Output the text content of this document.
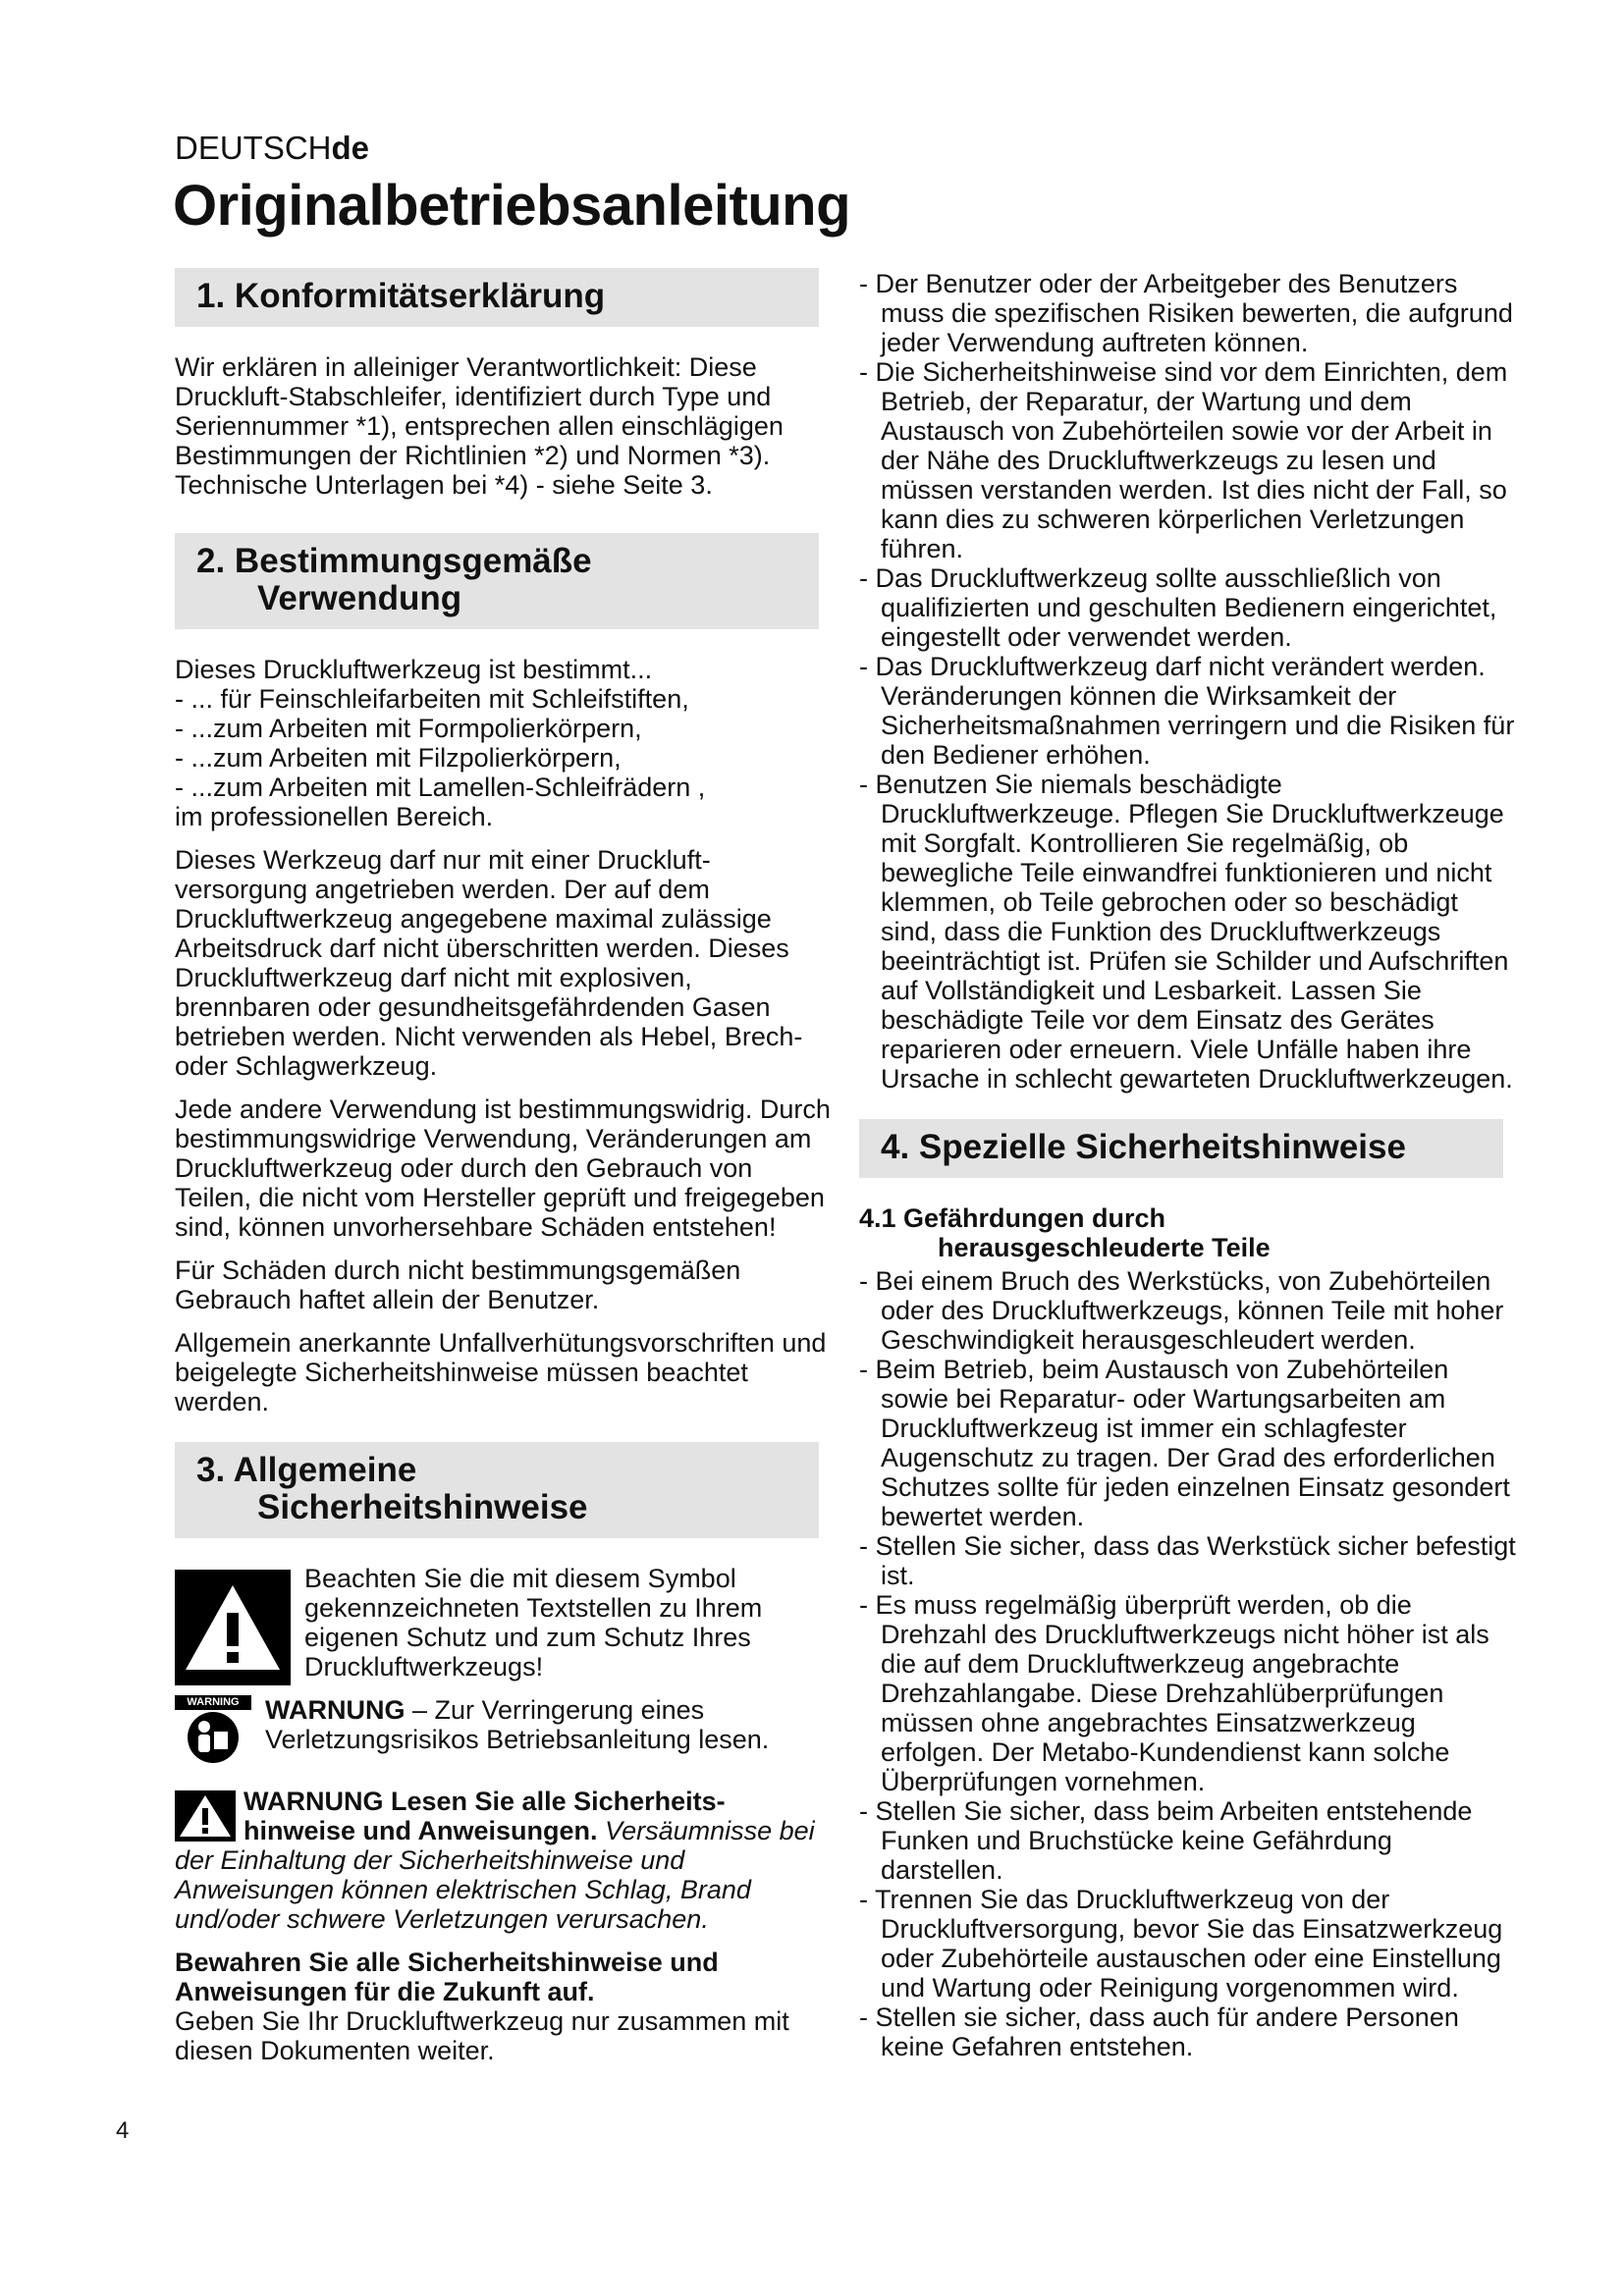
DEUTSCHde
Originalbetriebsanleitung
1. Konformitätserklärung

Wir erklären in alleiniger Verantwortlichkeit: Diese Druckluft-Stabschleifer, identifiziert durch Type und Seriennummer *1), entsprechen allen einschlägigen Bestimmungen der Richtlinien *2) und Normen *3). Technische Unterlagen bei *4) - siehe Seite 3.

2. Bestimmungsgemäße
Verwendung
Dieses Druckluftwerkzeug ist bestimmt...
- ... für Feinschleifarbeiten mit Schleifstiften,
- ...zum Arbeiten mit Formpolierkörpern,
- ...zum Arbeiten mit Filzpolierkörpern,
- ...zum Arbeiten mit Lamellen-Schleifrädern ,

im professionellen Bereich.

Dieses Werkzeug darf nur mit einer Druckluft-versorgung angetrieben werden. Der auf dem Druckluftwerkzeug angegebene maximal zulässige Arbeitsdruck darf nicht überschritten werden. Dieses Druckluftwerkzeug darf nicht mit explosiven, brennbaren oder gesundheitsgefährdenden Gasen betrieben werden. Nicht verwenden als Hebel, Brech- oder Schlagwerkzeug.

Jede andere Verwendung ist bestimmungswidrig. Durch bestimmungswidrige Verwendung, Veränderungen am Druckluftwerkzeug oder durch den Gebrauch von Teilen, die nicht vom Hersteller geprüft und freigegeben sind, können unvorhersehbare Schäden entstehen!

Für Schäden durch nicht bestimmungsgemäßen Gebrauch haftet allein der Benutzer.

Allgemein anerkannte Unfallverhütungsvorschriften und beigelegte Sicherheitshinweise müssen beachtet werden.

3. Allgemeine
Sicherheitshinweise
Beachten Sie die mit diesem Symbol gekennzeichneten Textstellen zu Ihrem eigenen Schutz und zum Schutz Ihres Druckluftwerkzeugs!
WARNING WARNUNG – Zur Verringerung eines Verletzungsrisikos Betriebsanleitung lesen.

WARNUNG Lesen Sie alle Sicherheits-hinweise und Anweisungen. Versäumnisse bei der Einhaltung der Sicherheitshinweise und Anweisungen können elektrischen Schlag, Brand und/oder schwere Verletzungen verursachen.

Bewahren Sie alle Sicherheitshinweise und Anweisungen für die Zukunft auf.
Geben Sie Ihr Druckluftwerkzeug nur zusammen mit diesen Dokumenten weiter.

- Der Benutzer oder der Arbeitgeber des Benutzers muss die spezifischen Risiken bewerten, die aufgrund jeder Verwendung auftreten können.
- Die Sicherheitshinweise sind vor dem Einrichten, dem Betrieb, der Reparatur, der Wartung und dem Austausch von Zubehörteilen sowie vor der Arbeit in der Nähe des Druckluftwerkzeugs zu lesen und müssen verstanden werden. Ist dies nicht der Fall, so kann dies zu schweren körperlichen Verletzungen führen.
- Das Druckluftwerkzeug sollte ausschließlich von qualifizierten und geschulten Bedienern eingerichtet, eingestellt oder verwendet werden.
- Das Druckluftwerkzeug darf nicht verändert werden. Veränderungen können die Wirksamkeit der Sicherheitsmaßnahmen verringern und die Risiken für den Bediener erhöhen.
- Benutzen Sie niemals beschädigte Druckluftwerkzeuge. Pflegen Sie Druckluftwerkzeuge mit Sorgfalt. Kontrollieren Sie regelmäßig, ob bewegliche Teile einwandfrei funktionieren und nicht klemmen, ob Teile gebrochen oder so beschädigt sind, dass die Funktion des Druckluftwerkzeugs beeinträchtigt ist. Prüfen sie Schilder und Aufschriften auf Vollständigkeit und Lesbarkeit. Lassen Sie beschädigte Teile vor dem Einsatz des Gerätes reparieren oder erneuern. Viele Unfälle haben ihre Ursache in schlecht gewarteten Druckluftwerkzeugen.
4. Spezielle Sicherheitshinweise
4.1 Gefährdungen durch
herausgeschleuderte Teile
- Bei einem Bruch des Werkstücks, von Zubehörteilen oder des Druckluftwerkzeugs, können Teile mit hoher Geschwindigkeit herausgeschleudert werden.
- Beim Betrieb, beim Austausch von Zubehörteilen sowie bei Reparatur- oder Wartungsarbeiten am Druckluftwerkzeug ist immer ein schlagfester Augenschutz zu tragen. Der Grad des erforderlichen Schutzes sollte für jeden einzelnen Einsatz gesondert bewertet werden.
- Stellen Sie sicher, dass das Werkstück sicher befestigt ist.
- Es muss regelmäßig überprüft werden, ob die Drehzahl des Druckluftwerkzeugs nicht höher ist als die auf dem Druckluftwerkzeug angebrachte Drehzahlangabe. Diese Drehzahlüberprüfungen müssen ohne angebrachtes Einsatzwerkzeug erfolgen. Der Metabo-Kundendienst kann solche Überprüfungen vornehmen.
- Stellen Sie sicher, dass beim Arbeiten entstehende Funken und Bruchstücke keine Gefährdung darstellen.
- Trennen Sie das Druckluftwerkzeug von der Druckluftversorgung, bevor Sie das Einsatzwerkzeug oder Zubehörteile austauschen oder eine Einstellung und Wartung oder Reinigung vorgenommen wird.
- Stellen sie sicher, dass auch für andere Personen keine Gefahren entstehen.
4
